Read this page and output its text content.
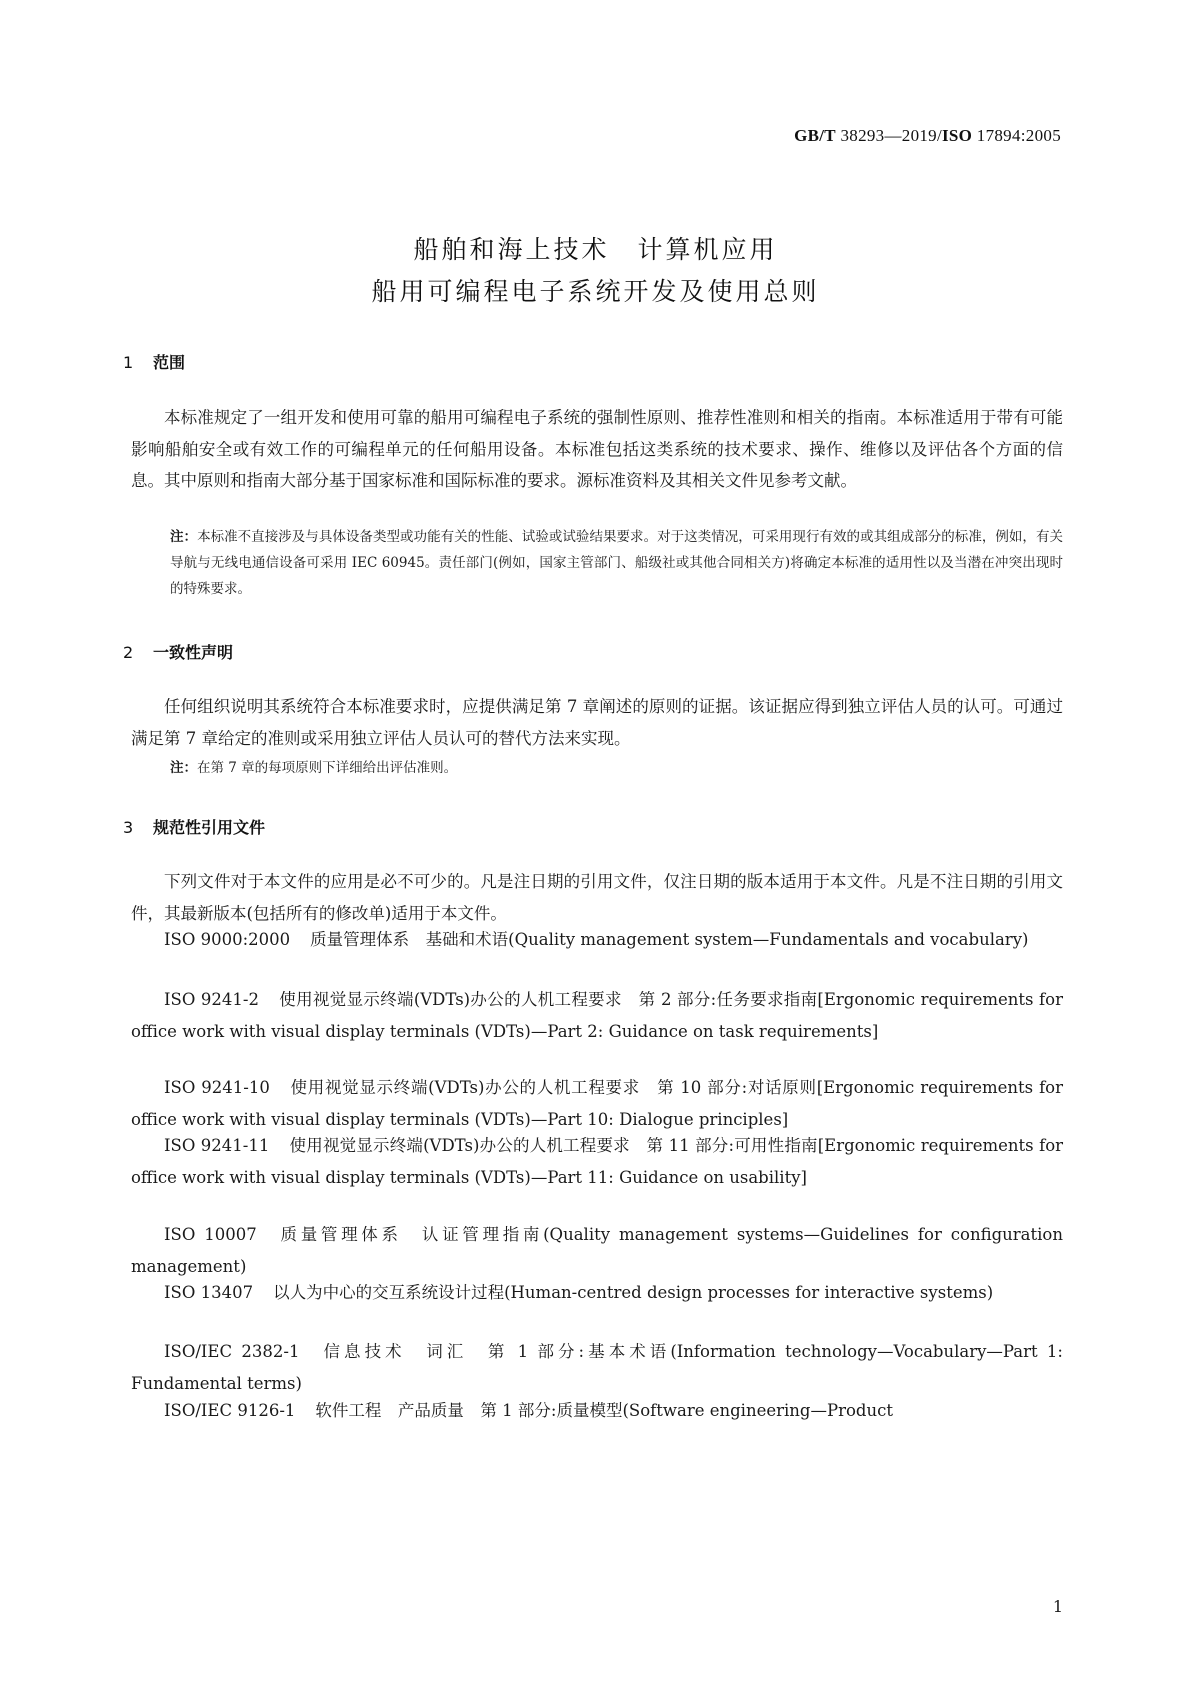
GB/T 38293—2019/ISO 17894:2005
船舶和海上技术　计算机应用
船用可编程电子系统开发及使用总则
1 范围
本标准规定了一组开发和使用可靠的船用可编程电子系统的强制性原则、推荐性准则和相关的指南。本标准适用于带有可能影响船舶安全或有效工作的可编程单元的任何船用设备。本标准包括这类系统的技术要求、操作、维修以及评估各个方面的信息。其中原则和指南大部分基于国家标准和国际标准的要求。源标准资料及其相关文件见参考文献。
注：本标准不直接涉及与具体设备类型或功能有关的性能、试验或试验结果要求。对于这类情况，可采用现行有效的或其组成部分的标准，例如，有关导航与无线电通信设备可采用 IEC 60945。责任部门(例如，国家主管部门、船级社或其他合同相关方)将确定本标准的适用性以及当潜在冲突出现时的特殊要求。
2 一致性声明
任何组织说明其系统符合本标准要求时，应提供满足第 7 章阐述的原则的证据。该证据应得到独立评估人员的认可。可通过满足第 7 章给定的准则或采用独立评估人员认可的替代方法来实现。
注：在第 7 章的每项原则下详细给出评估准则。
3 规范性引用文件
下列文件对于本文件的应用是必不可少的。凡是注日期的引用文件，仅注日期的版本适用于本文件。凡是不注日期的引用文件，其最新版本(包括所有的修改单)适用于本文件。
ISO 9000:2000 质量管理体系　基础和术语(Quality management system—Fundamentals and vocabulary)
ISO 9241-2 使用视觉显示终端(VDTs)办公的人机工程要求　第 2 部分:任务要求指南[Ergonomic requirements for office work with visual display terminals (VDTs)—Part 2: Guidance on task requirements]
ISO 9241-10 使用视觉显示终端(VDTs)办公的人机工程要求　第 10 部分:对话原则[Ergonomic requirements for office work with visual display terminals (VDTs)—Part 10: Dialogue principles]
ISO 9241-11 使用视觉显示终端(VDTs)办公的人机工程要求　第 11 部分:可用性指南[Ergonomic requirements for office work with visual display terminals (VDTs)—Part 11: Guidance on usability]
ISO 10007 质量管理体系　认证管理指南(Quality management systems—Guidelines for configuration management)
ISO 13407 以人为中心的交互系统设计过程(Human-centred design processes for interactive systems)
ISO/IEC 2382-1 信息技术　词汇　第 1 部分:基本术语(Information technology—Vocabulary—Part 1: Fundamental terms)
ISO/IEC 9126-1 软件工程　产品质量　第 1 部分:质量模型(Software engineering—Product
1
